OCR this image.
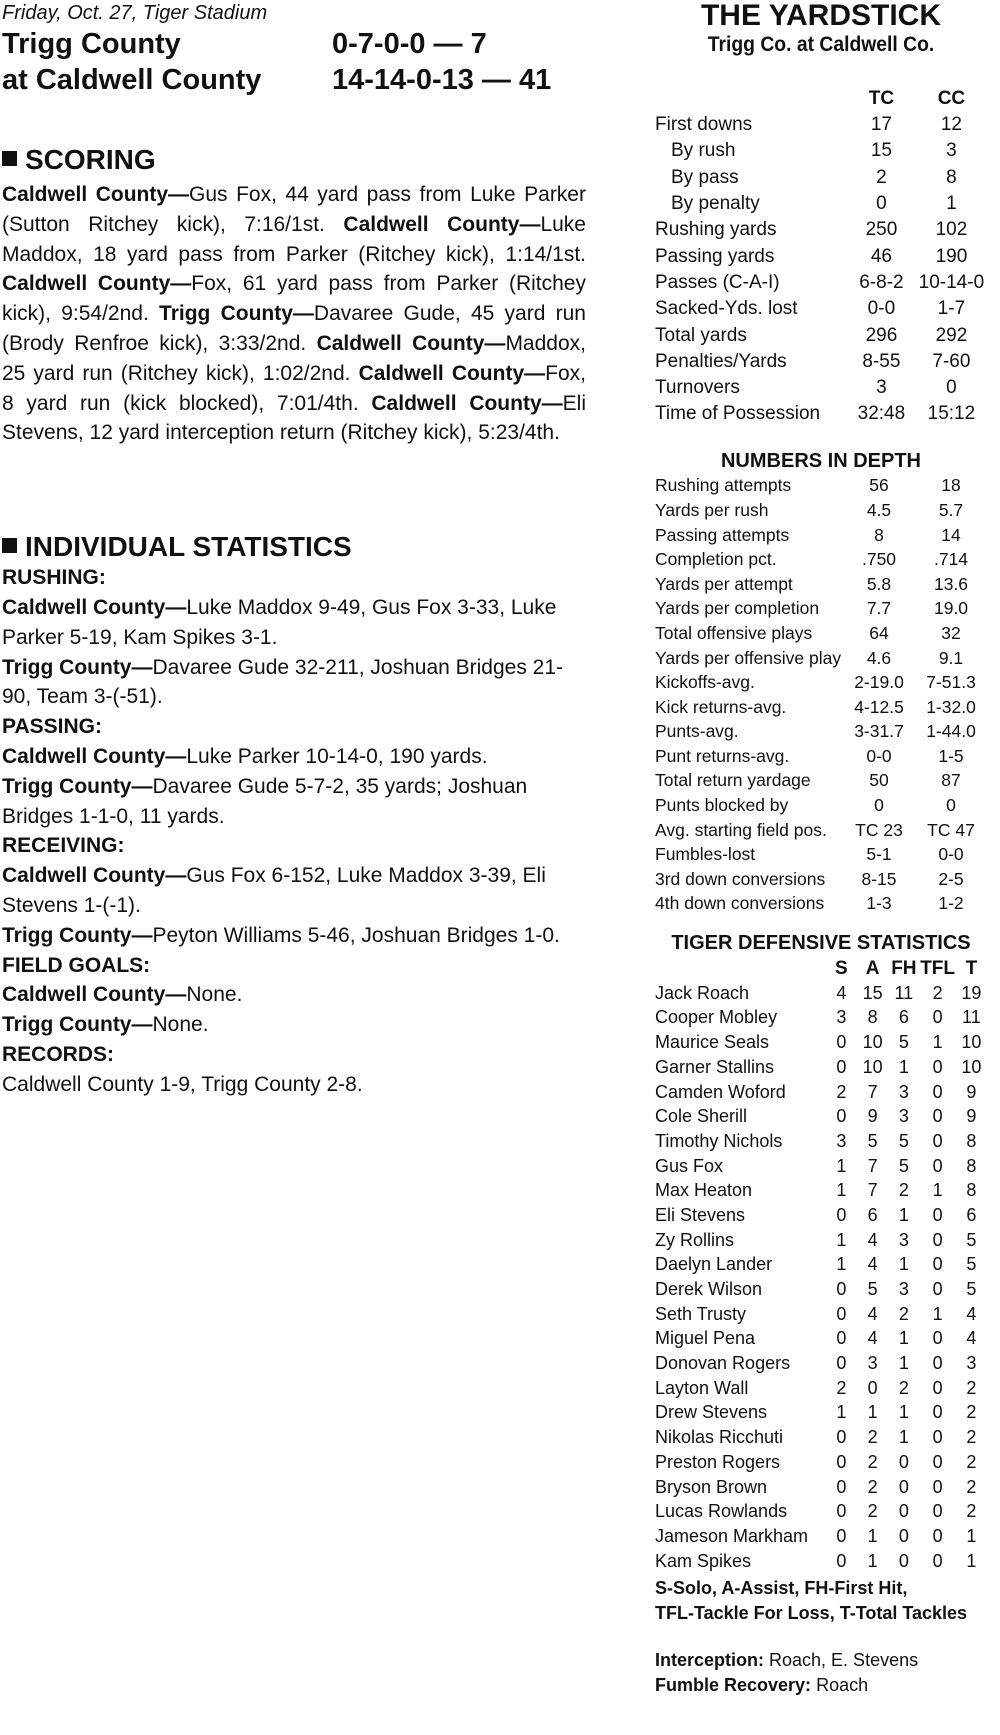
Friday, Oct. 27, Tiger Stadium
Trigg County	0-7-0-0 — 7
at Caldwell County	14-14-0-13 — 41
SCORING
Caldwell County—Gus Fox, 44 yard pass from Luke Parker (Sutton Ritchey kick), 7:16/1st. Caldwell County—Luke Maddox, 18 yard pass from Parker (Ritchey kick), 1:14/1st. Caldwell County—Fox, 61 yard pass from Parker (Ritchey kick), 9:54/2nd. Trigg County—Davaree Gude, 45 yard run (Brody Renfroe kick), 3:33/2nd. Caldwell County—Maddox, 25 yard run (Ritchey kick), 1:02/2nd. Caldwell County—Fox, 8 yard run (kick blocked), 7:01/4th. Caldwell County—Eli Stevens, 12 yard interception return (Ritchey kick), 5:23/4th.
INDIVIDUAL STATISTICS
RUSHING:
Caldwell County—Luke Maddox 9-49, Gus Fox 3-33, Luke Parker 5-19, Kam Spikes 3-1.
Trigg County—Davaree Gude 32-211, Joshuan Bridges 21-90, Team 3-(-51).
PASSING:
Caldwell County—Luke Parker 10-14-0, 190 yards.
Trigg County—Davaree Gude 5-7-2, 35 yards; Joshuan Bridges 1-1-0, 11 yards.
RECEIVING:
Caldwell County—Gus Fox 6-152, Luke Maddox 3-39, Eli Stevens 1-(-1).
Trigg County—Peyton Williams 5-46, Joshuan Bridges 1-0.
FIELD GOALS:
Caldwell County—None.
Trigg County—None.
RECORDS:
Caldwell County 1-9, Trigg County 2-8.
THE YARDSTICK
Trigg Co. at Caldwell Co.
	TC	CC
First downs	17	12
By rush	15	3
By pass	2	8
By penalty	0	1
Rushing yards	250	102
Passing yards	46	190
Passes (C-A-I)	6-8-2	10-14-0
Sacked-Yds. lost	0-0	1-7
Total yards	296	292
Penalties/Yards	8-55	7-60
Turnovers	3	0
Time of Possession	32:48	15:12
NUMBERS IN DEPTH
Rushing attempts	56	18
Yards per rush	4.5	5.7
Passing attempts	8	14
Completion pct.	.750	.714
Yards per attempt	5.8	13.6
Yards per completion	7.7	19.0
Total offensive plays	64	32
Yards per offensive play	4.6	9.1
Kickoffs-avg.	2-19.0	7-51.3
Kick returns-avg.	4-12.5	1-32.0
Punts-avg.	3-31.7	1-44.0
Punt returns-avg.	0-0	1-5
Total return yardage	50	87
Punts blocked by	0	0
Avg. starting field pos.	TC 23	TC 47
Fumbles-lost	5-1	0-0
3rd down conversions	8-15	2-5
4th down conversions	1-3	1-2
TIGER DEFENSIVE STATISTICS
	S	A	FH	TFL	T
Jack Roach	4	15	11	2	19
Cooper Mobley	3	8	6	0	11
Maurice Seals	0	10	5	1	10
Garner Stallins	0	10	1	0	10
Camden Woford	2	7	3	0	9
Cole Sherill	0	9	3	0	9
Timothy Nichols	3	5	5	0	8
Gus Fox	1	7	5	0	8
Max Heaton	1	7	2	1	8
Eli Stevens	0	6	1	0	6
Zy Rollins	1	4	3	0	5
Daelyn Lander	1	4	1	0	5
Derek Wilson	0	5	3	0	5
Seth Trusty	0	4	2	1	4
Miguel Pena	0	4	1	0	4
Donovan Rogers	0	3	1	0	3
Layton Wall	2	0	2	0	2
Drew Stevens	1	1	1	0	2
Nikolas Ricchuti	0	2	1	0	2
Preston Rogers	0	2	0	0	2
Bryson Brown	0	2	0	0	2
Lucas Rowlands	0	2	0	0	2
Jameson Markham	0	1	0	0	1
Kam Spikes	0	1	0	0	1
S-Solo, A-Assist, FH-First Hit,
TFL-Tackle For Loss, T-Total Tackles
Interception: Roach, E. Stevens
Fumble Recovery: Roach
